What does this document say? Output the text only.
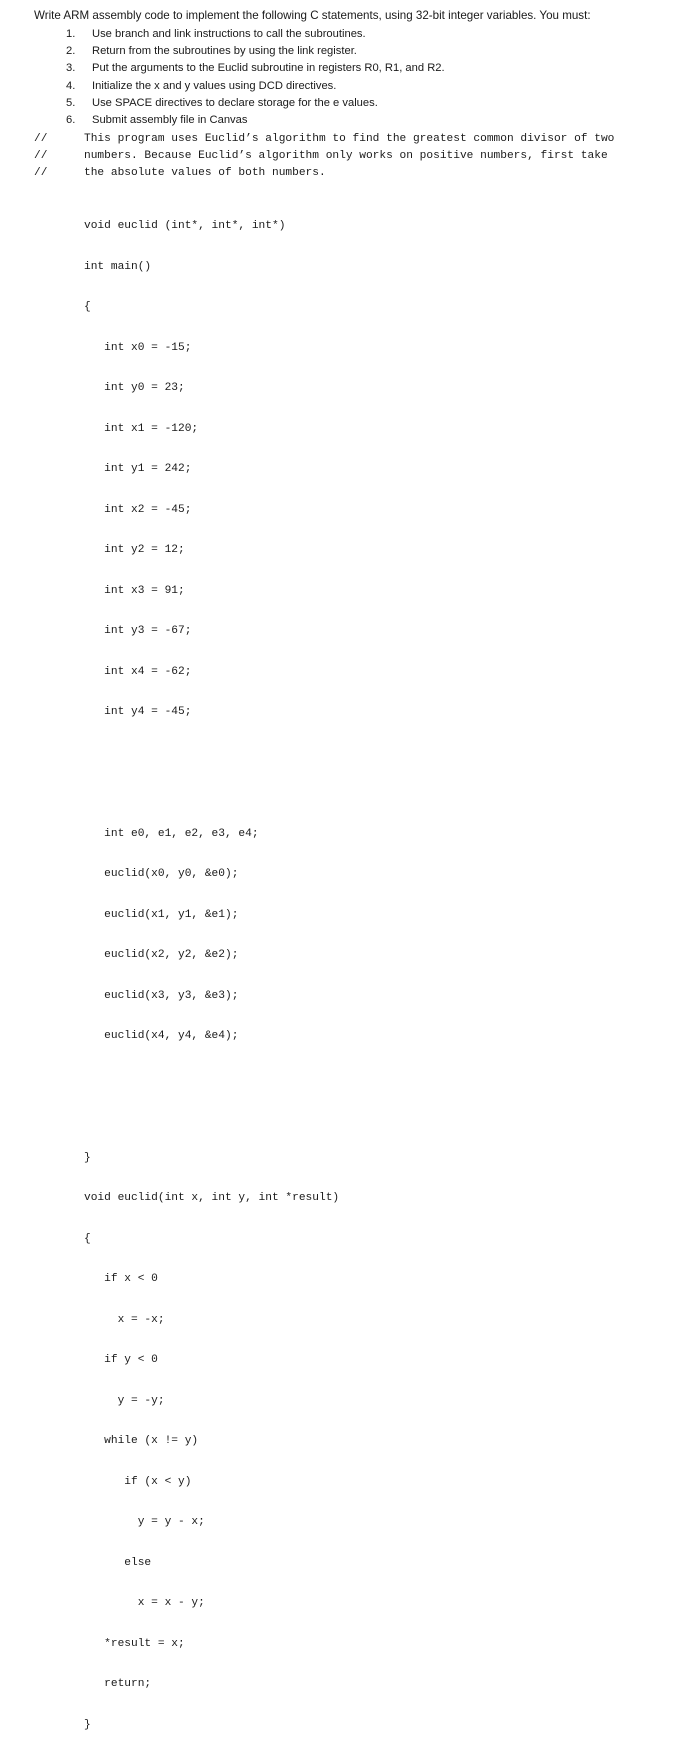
Write ARM assembly code to implement the following C statements, using 32-bit integer variables. You must:
1. Use branch and link instructions to call the subroutines.
2. Return from the subroutines by using the link register.
3. Put the arguments to the Euclid subroutine in registers R0, R1, and R2.
4. Initialize the x and y values using DCD directives.
5. Use SPACE directives to declare storage for the e values.
6. Submit assembly file in Canvas
//	This program uses Euclid’s algorithm to find the greatest common divisor of two
//	numbers. Because Euclid’s algorithm only works on positive numbers, first take
//	the absolute values of both numbers.

void euclid (int*, int*, int*)

int main()

{

int x0 = -15;

int y0 = 23;

int x1 = -120;

int y1 = 242;

int x2 = -45;

int y2 = 12;

int x3 = 91;

int y3 = -67;

int x4 = -62;

int y4 = -45;

int e0, e1, e2, e3, e4;

euclid(x0, y0, &e0);

euclid(x1, y1, &e1);

euclid(x2, y2, &e2);

euclid(x3, y3, &e3);

euclid(x4, y4, &e4);

}

void euclid(int x, int y, int *result)

{

if x < 0

x = -x;

if y < 0

y = -y;

while (x != y)

if (x < y)

y = y - x;

else

x = x - y;

*result = x;

return;

}
